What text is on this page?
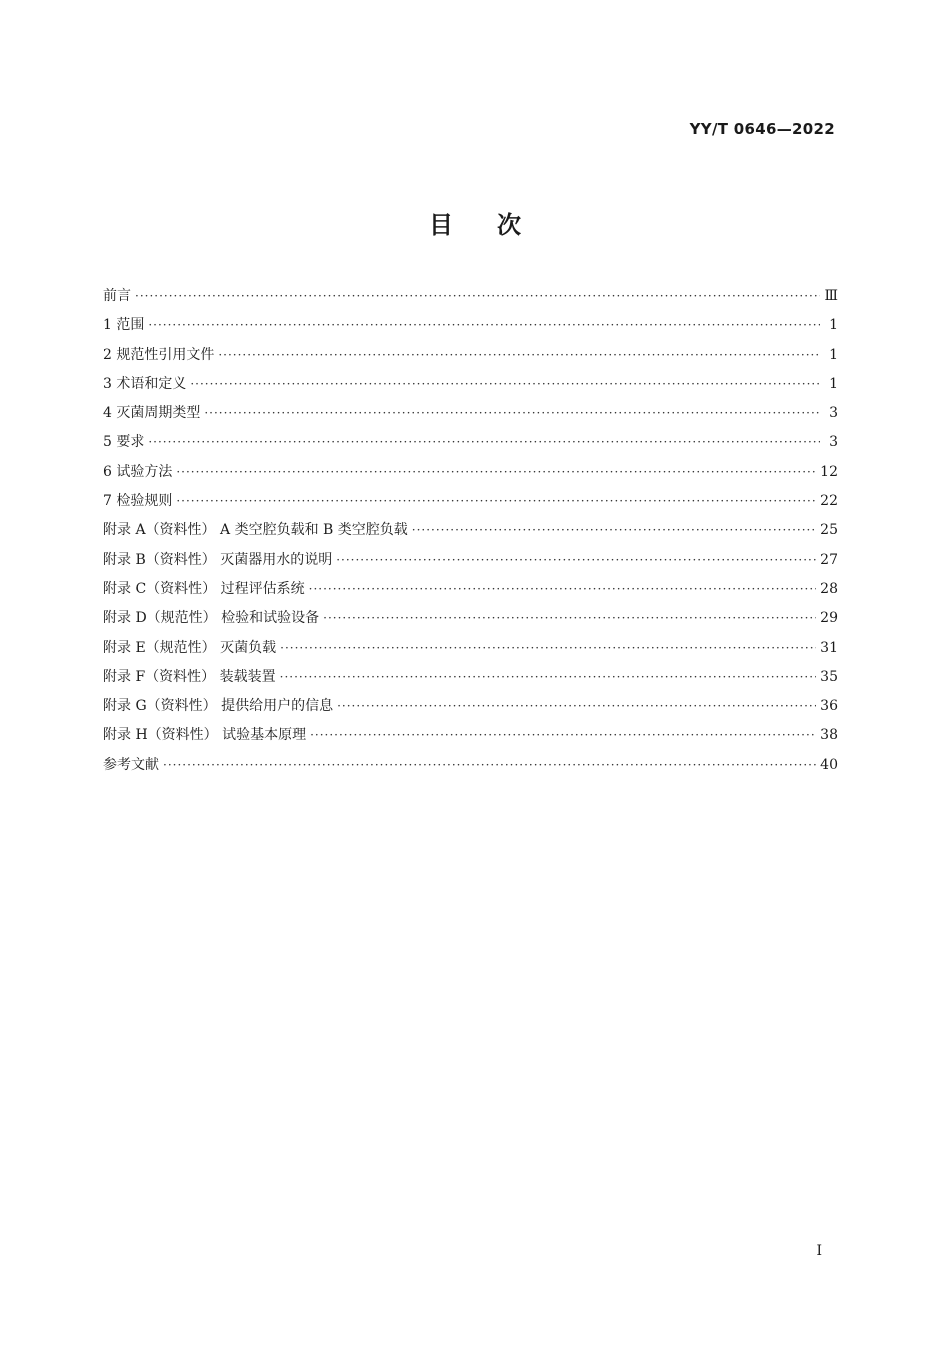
YY/T 0646—2022
目次
前言 ·····	Ⅲ
1 范围 ·····	1
2 规范性引用文件 ·····	1
3 术语和定义 ·····	1
4 灭菌周期类型 ·····	3
5 要求 ·····	3
6 试验方法 ·····	12
7 检验规则 ·····	22
附录 A（资料性） A 类空腔负载和 B 类空腔负载 ·····	25
附录 B（资料性） 灭菌器用水的说明 ·····	27
附录 C（资料性） 过程评估系统 ·····	28
附录 D（规范性） 检验和试验设备 ·····	29
附录 E（规范性） 灭菌负载 ·····	31
附录 F（资料性） 装载装置 ·····	35
附录 G（资料性） 提供给用户的信息 ·····	36
附录 H（资料性） 试验基本原理 ·····	38
参考文献 ·····	40
I
